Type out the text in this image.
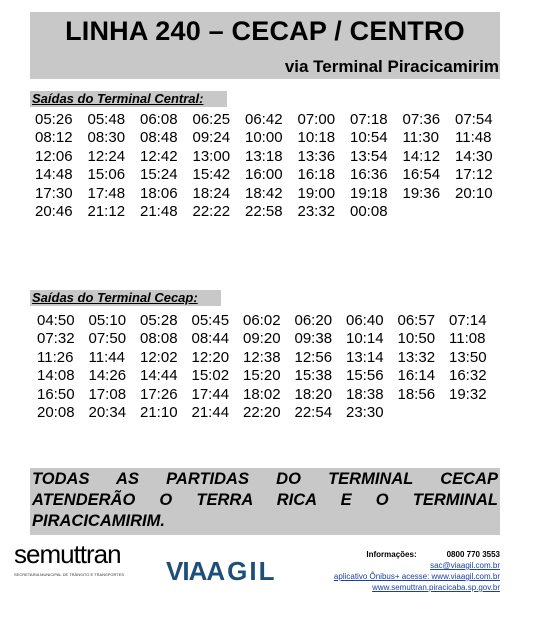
LINHA 240 – CECAP / CENTRO
via Terminal Piracicamirim
Saídas do Terminal Central:
05:26 05:48 06:08 06:25 06:42 07:00 07:18 07:36 07:54
08:12 08:30 08:48 09:24 10:00 10:18 10:54 11:30 11:48
12:06 12:24 12:42 13:00 13:18 13:36 13:54 14:12 14:30
14:48 15:06 15:24 15:42 16:00 16:18 16:36 16:54 17:12
17:30 17:48 18:06 18:24 18:42 19:00 19:18 19:36 20:10
20:46 21:12 21:48 22:22 22:58 23:32 00:08
Saídas do Terminal Cecap:
04:50 05:10 05:28 05:45 06:02 06:20 06:40 06:57 07:14
07:32 07:50 08:08 08:44 09:20 09:38 10:14 10:50 11:08
11:26 11:44 12:02 12:20 12:38 12:56 13:14 13:32 13:50
14:08 14:26 14:44 15:02 15:20 15:38 15:56 16:14 16:32
16:50 17:08 17:26 17:44 18:02 18:20 18:38 18:56 19:32
20:08 20:34 21:10 21:44 22:20 22:54 23:30
TODAS AS PARTIDAS DO TERMINAL CECAP
ATENDERÃO O TERRA RICA E O TERMINAL
PIRACICAMIRIM.
semuttran
SECRETARIA MUNICIPAL DE TRÂNSITO E TRANSPORTES VIAAGIL
Informações:	0800 770 3553
sac@viaagil.com.br
aplicativo Ônibus+ acesse: www.viaagil.com.br
www.semuttran.piracicaba.sp.gov.br
